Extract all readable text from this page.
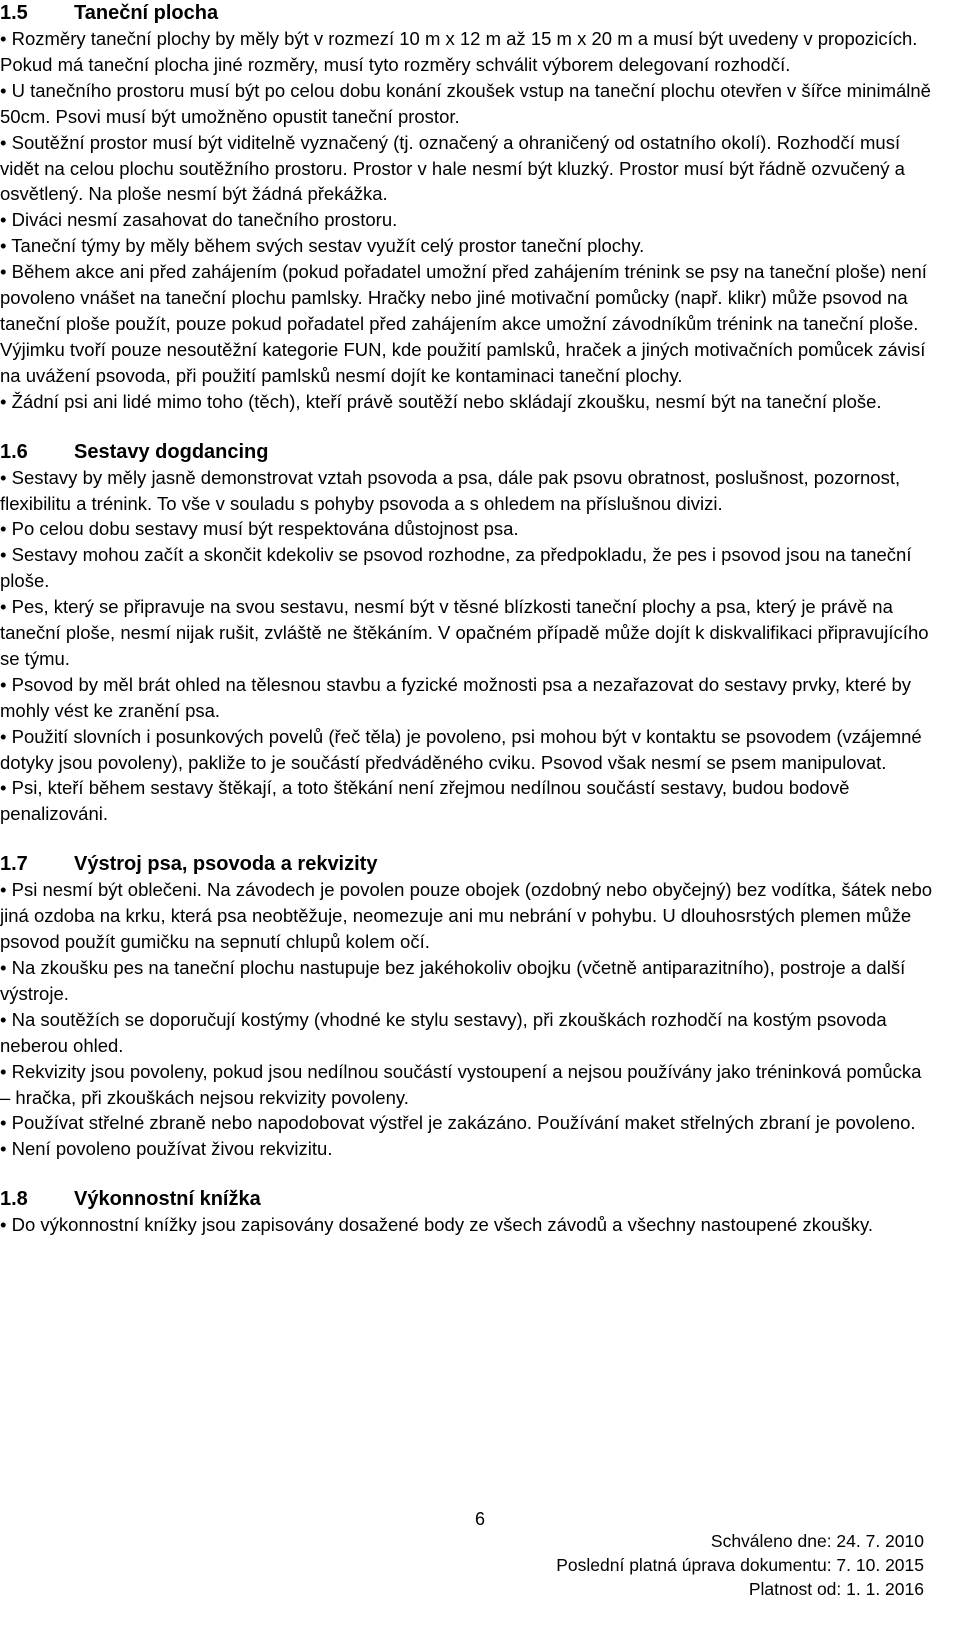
1.5	Taneční plocha

• Rozměry taneční plochy by měly být v rozmezí 10 m x 12 m až 15 m x 20 m a musí být uvedeny v propozicích. Pokud má taneční plocha jiné rozměry, musí tyto rozměry schválit výborem delegovaní rozhodčí.

• U tanečního prostoru musí být po celou dobu konání zkoušek vstup na taneční plochu otevřen v šířce minimálně 50cm. Psovi musí být umožněno opustit taneční prostor.

• Soutěžní prostor musí být viditelně vyznačený (tj. označený a ohraničený od ostatního okolí). Rozhodčí musí vidět na celou plochu soutěžního prostoru. Prostor v hale nesmí být kluzký. Prostor musí být řádně ozvučený a osvětlený. Na ploše nesmí být žádná překážka.

• Diváci nesmí zasahovat do tanečního prostoru.

• Taneční týmy by měly během svých sestav využít celý prostor taneční plochy.

• Během akce ani před zahájením (pokud pořadatel umožní před zahájením trénink se psy na taneční ploše) není povoleno vnášet na taneční plochu pamlsky. Hračky nebo jiné motivační pomůcky (např. klikr) může psovod na taneční ploše použít, pouze pokud pořadatel před zahájením akce umožní závodníkům trénink na taneční ploše. Výjimku tvoří pouze nesoutěžní kategorie FUN, kde použití pamlsků, hraček a jiných motivačních pomůcek závisí na uvážení psovoda, při použití pamlsků nesmí dojít ke kontaminaci taneční plochy.

• Žádní psi ani lidé mimo toho (těch), kteří právě soutěží nebo skládají zkoušku, nesmí být na taneční ploše.

1.6	Sestavy dogdancing

• Sestavy by měly jasně demonstrovat vztah psovoda a psa, dále pak psovu obratnost, poslušnost, pozornost, flexibilitu a trénink. To vše v souladu s pohyby psovoda a s ohledem na příslušnou divizi.

• Po celou dobu sestavy musí být respektována důstojnost psa.

• Sestavy mohou začít a skončit kdekoliv se psovod rozhodne, za předpokladu, že pes i psovod jsou na taneční ploše.

• Pes, který se připravuje na svou sestavu, nesmí být v těsné blízkosti taneční plochy a psa, který je právě na taneční ploše, nesmí nijak rušit, zvláště ne štěkáním. V opačném případě může dojít k diskvalifikaci připravujícího se týmu.

• Psovod by měl brát ohled na tělesnou stavbu a fyzické možnosti psa a nezařazovat do sestavy prvky, které by mohly vést ke zranění psa.

• Použití slovních i posunkových povelů (řeč těla) je povoleno, psi mohou být v kontaktu se psovodem (vzájemné dotyky jsou povoleny), pakliže to je součástí předváděného cviku. Psovod však nesmí se psem manipulovat.

• Psi, kteří během sestavy štěkají, a toto štěkání není zřejmou nedílnou součástí sestavy, budou bodově penalizováni.

1.7	Výstroj psa, psovoda a rekvizity

• Psi nesmí být oblečeni. Na závodech je povolen pouze obojek (ozdobný nebo obyčejný) bez vodítka, šátek nebo jiná ozdoba na krku, která psa neobtěžuje, neomezuje ani mu nebrání v pohybu. U dlouhosrstých plemen může psovod použít gumičku na sepnutí chlupů kolem očí.

• Na zkoušku pes na taneční plochu nastupuje bez jakéhokoliv obojku (včetně antiparazitního), postroje a další výstroje.

• Na soutěžích se doporučují kostýmy (vhodné ke stylu sestavy), při zkouškách rozhodčí na kostým psovoda neberou ohled.

• Rekvizity jsou povoleny, pokud jsou nedílnou součástí vystoupení a nejsou používány jako tréninková pomůcka – hračka, při zkouškách nejsou rekvizity povoleny.

• Používat střelné zbraně nebo napodobovat výstřel je zakázáno. Používání maket střelných zbraní je povoleno.

• Není povoleno používat živou rekvizitu.

1.8	Výkonnostní knížka

• Do výkonnostní knížky jsou zapisovány dosažené body ze všech závodů a všechny nastoupené zkoušky.

6
Schváleno dne: 24. 7. 2010
Poslední platná úprava dokumentu: 7. 10. 2015
Platnost od: 1. 1. 2016
